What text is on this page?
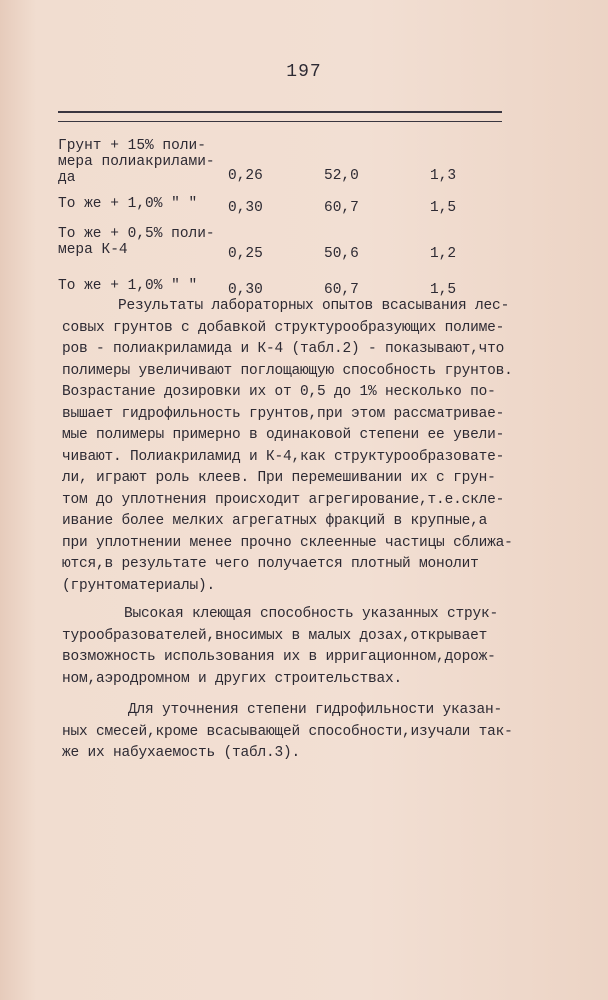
197
Грунт + 15% поли-
мера полиакрилами-
да	0,26	52,0	1,3
То же + 1,0% " "	0,30	60,7	1,5
То же + 0,5% поли-
мера К-4	0,25	50,6	1,2
То же + 1,0% " "	0,30	60,7	1,5

Результаты лабораторных опытов всасывания лес-
совых грунтов с добавкой структурообразующих полиме-
ров - полиакриламида и К-4 (табл.2) - показывают,что
полимеры увеличивают поглощающую способность грунтов.
Возрастание дозировки их от 0,5 до 1% несколько по-
вышает гидрофильность грунтов,при этом рассматривае-
мые полимеры примерно в одинаковой степени ее увели-
чивают. Полиакриламид и К-4,как структурообразовате-
ли, играют роль клеев. При перемешивании их с грун-
том до уплотнения происходит агрегирование,т.е.скле-
ивание более мелких агрегатных фракций в крупные,а
при уплотнении менее прочно склеенные частицы сближа-
ются,в результате чего получается плотный монолит
(грунтоматериалы).

Высокая клеющая способность указанных струк-
турообразователей,вносимых в малых дозах,открывает
возможность использования их в ирригационном,дорож-
ном,аэродромном и других строительствах.

Для уточнения степени гидрофильности указан-
ных смесей,кроме всасывающей способности,изучали так-
же их набухаемость (табл.3).
